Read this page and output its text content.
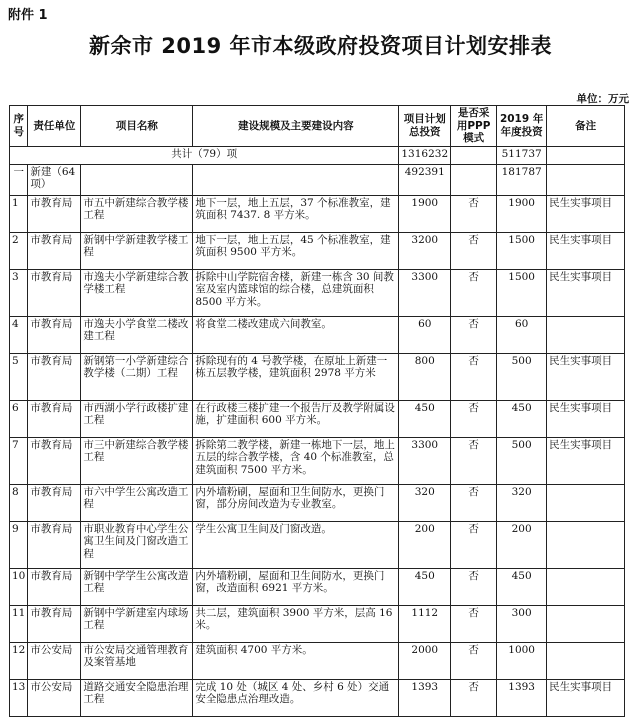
附件 1
新余市 2019 年市本级政府投资项目计划安排表
单位：万元
序号	责任单位	项目名称	建设规模及主要建设内容	项目计划总投资	是否采用PPP 模式	2019 年年度投资	备注
共计（79）项				1316232		511737	
一	新建（64 项）			492391		181787	
1	市教育局	市五中新建综合教学楼工程	地下一层，地上五层，37 个标准教室，建筑面积 7437. 8 平方米。	1900	否	1900	民生实事项目
2	市教育局	新钢中学新建教学楼工程	地下一层，地上五层，45 个标准教室，建筑面积 9500 平方米。	3200	否	1500	民生实事项目
3	市教育局	市逸夫小学新建综合教学楼工程	拆除中山学院宿舍楼，新建一栋含 30 间教室及室内篮球馆的综合楼，总建筑面积 8500 平方米。	3300	否	1500	民生实事项目
4	市教育局	市逸夫小学食堂二楼改建工程	将食堂二楼改建成六间教室。	60	否	60	
5	市教育局	新钢第一小学新建综合教学楼（二期）工程	拆除现有的 4 号教学楼，在原址上新建一栋五层教学楼，建筑面积 2978 平方米	800	否	500	民生实事项目
6	市教育局	市西湖小学行政楼扩建工程	在行政楼三楼扩建一个报告厅及教学附属设施，扩建面积 600 平方米。	450	否	450	民生实事项目
7	市教育局	市三中新建综合教学楼工程	拆除第二教学楼，新建一栋地下一层，地上五层的综合教学楼，含 40 个标准教室，总建筑面积 7500 平方米。	3300	否	500	民生实事项目
8	市教育局	市六中学生公寓改造工程	内外墙粉刷，屋面和卫生间防水，更换门窗，部分房间改造为专业教室。	320	否	320	
9	市教育局	市职业教育中心学生公寓卫生间及门窗改造工程	学生公寓卫生间及门窗改造。	200	否	200	
10	市教育局	新钢中学学生公寓改造工程	内外墙粉刷，屋面和卫生间防水，更换门窗，改造面积 6921 平方米。	450	否	450	
11	市教育局	新钢中学新建室内球场工程	共二层，建筑面积 3900 平方米，层高 16 米。	1112	否	300	
12	市公安局	市公安局交通管理教育及案管基地	建筑面积 4700 平方米。	2000	否	1000	
13	市公安局	道路交通安全隐患治理工程	完成 10 处（城区 4 处、乡村 6 处）交通安全隐患点治理改造。	1393	否	1393	民生实事项目
